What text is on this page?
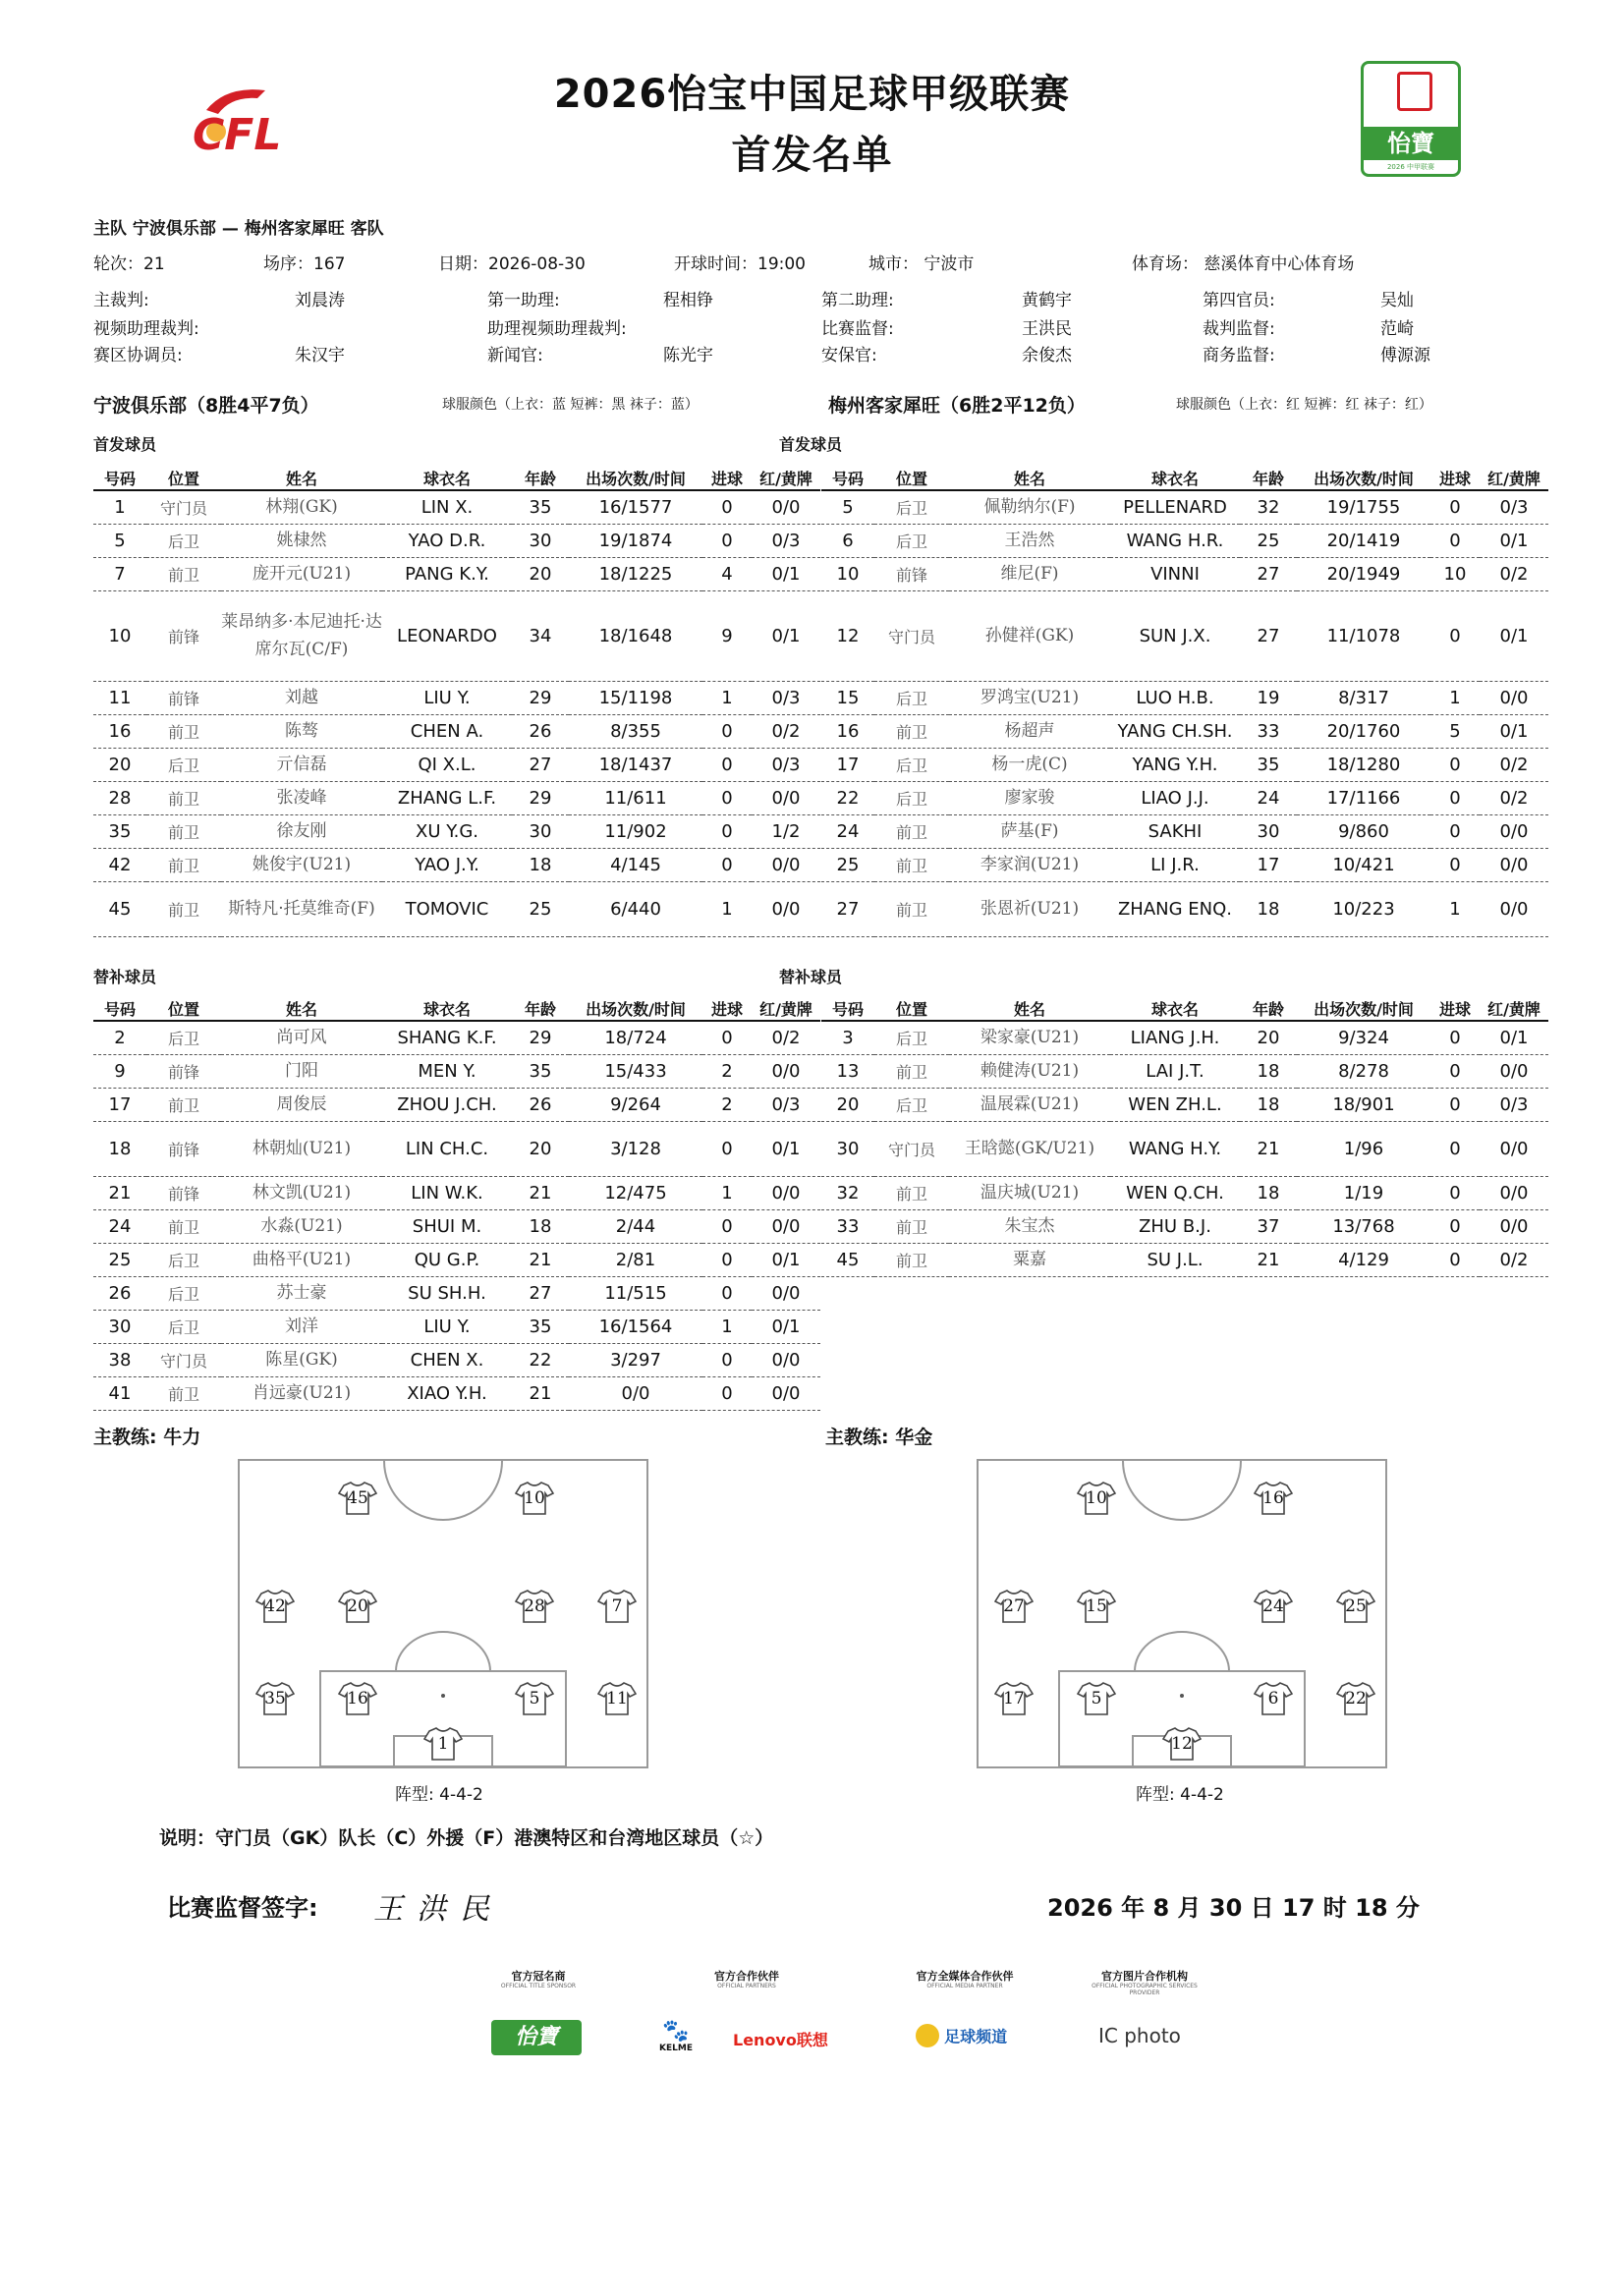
CFL
2026怡宝中国足球甲级联赛
首发名单	怡寶
2026 中甲联赛
主队 宁波俱乐部 — 梅州客家犀旺 客队
轮次：21	场序：167	日期：2026-08-30	开球时间：19:00	城市： 宁波市	体育场： 慈溪体育中心体育场
主裁判:	刘晨涛	第一助理:	程相铮	第二助理:	黄鹤宇	第四官员:	吴灿
视频助理裁判:	助理视频助理裁判:	比赛监督:	王洪民	裁判监督:	范崎
赛区协调员:	朱汉宇	新闻官:	陈光宇	安保官:	余俊杰	商务监督:	傅源源
宁波俱乐部（8胜4平7负）	球服颜色（上衣：蓝 短裤：黑 袜子：蓝）	梅州客家犀旺（6胜2平12负）	球服颜色（上衣：红 短裤：红 袜子：红）
首发球员	首发球员
替补球员	替补球员
号码	位置	姓名	球衣名	年龄	出场次数/时间	进球	红/黄牌
1	守门员	林翔(GK)	LIN X.	35	16/1577	0	0/0
5	后卫	姚棣然	YAO D.R.	30	19/1874	0	0/3
7	前卫	庞开元(U21)	PANG K.Y.	20	18/1225	4	0/1
10	前锋	莱昂纳多·本尼迪托·达席尔瓦(C/F)	LEONARDO	34	18/1648	9	0/1
11	前锋	刘越	LIU Y.	29	15/1198	1	0/3
16	前卫	陈骜	CHEN A.	26	8/355	0	0/2
20	后卫	亓信磊	QI X.L.	27	18/1437	0	0/3
28	前卫	张凌峰	ZHANG L.F.	29	11/611	0	0/0
35	前卫	徐友刚	XU Y.G.	30	11/902	0	1/2
42	前卫	姚俊宇(U21)	YAO J.Y.	18	4/145	0	0/0
45	前卫	斯特凡·托莫维奇(F)	TOMOVIC	25	6/440	1	0/0
号码	位置	姓名	球衣名	年龄	出场次数/时间	进球	红/黄牌
5	后卫	佩勒纳尔(F)	PELLENARD	32	19/1755	0	0/3
6	后卫	王浩然	WANG H.R.	25	20/1419	0	0/1
10	前锋	维尼(F)	VINNI	27	20/1949	10	0/2
12	守门员	孙健祥(GK)	SUN J.X.	27	11/1078	0	0/1
15	后卫	罗鸿宝(U21)	LUO H.B.	19	8/317	1	0/0
16	前卫	杨超声	YANG CH.SH.	33	20/1760	5	0/1
17	后卫	杨一虎(C)	YANG Y.H.	35	18/1280	0	0/2
22	后卫	廖家骏	LIAO J.J.	24	17/1166	0	0/2
24	前卫	萨基(F)	SAKHI	30	9/860	0	0/0
25	前卫	李家润(U21)	LI J.R.	17	10/421	0	0/0
27	前卫	张恩祈(U21)	ZHANG ENQ.	18	10/223	1	0/0
号码	位置	姓名	球衣名	年龄	出场次数/时间	进球	红/黄牌
2	后卫	尚可风	SHANG K.F.	29	18/724	0	0/2
9	前锋	门阳	MEN Y.	35	15/433	2	0/0
17	前卫	周俊辰	ZHOU J.CH.	26	9/264	2	0/3
18	前锋	林朝灿(U21)	LIN CH.C.	20	3/128	0	0/1
21	前锋	林文凯(U21)	LIN W.K.	21	12/475	1	0/0
24	前卫	水淼(U21)	SHUI M.	18	2/44	0	0/0
25	后卫	曲格平(U21)	QU G.P.	21	2/81	0	0/1
26	后卫	苏士豪	SU SH.H.	27	11/515	0	0/0
30	后卫	刘洋	LIU Y.	35	16/1564	1	0/1
38	守门员	陈星(GK)	CHEN X.	22	3/297	0	0/0
41	前卫	肖远豪(U21)	XIAO Y.H.	21	0/0	0	0/0
号码	位置	姓名	球衣名	年龄	出场次数/时间	进球	红/黄牌
3	后卫	梁家豪(U21)	LIANG J.H.	20	9/324	0	0/1
13	前卫	赖健涛(U21)	LAI J.T.	18	8/278	0	0/0
20	后卫	温展霖(U21)	WEN ZH.L.	18	18/901	0	0/3
30	守门员	王晗懿(GK/U21)	WANG H.Y.	21	1/96	0	0/0
32	前卫	温庆城(U21)	WEN Q.CH.	18	1/19	0	0/0
33	前卫	朱宝杰	ZHU B.J.	37	13/768	0	0/0
45	前卫	粟嘉	SU J.L.	21	4/129	0	0/2
主教练: 牛力	主教练: 华金
45	10
42	20	28	7
35	16	5	11
1
10	16
27	15	24	25
17	5	6	22
12
阵型: 4-4-2	阵型: 4-4-2
说明：守门员（GK）队长（C）外援（F）港澳特区和台湾地区球员（☆）
比赛监督签字: 王洪民	2026 年 8 月 30 日 17 时 18 分
官方冠名商
OFFICIAL TITLE SPONSOR
官方合作伙伴
OFFICIAL PARTNERS
官方全媒体合作伙伴
OFFICIAL MEDIA PARTNER
官方图片合作机构
OFFICIAL PHOTOGRAPHIC SERVICES PROVIDER
怡寶	🐾
KELME	Lenovo联想	足球频道	IC photo
